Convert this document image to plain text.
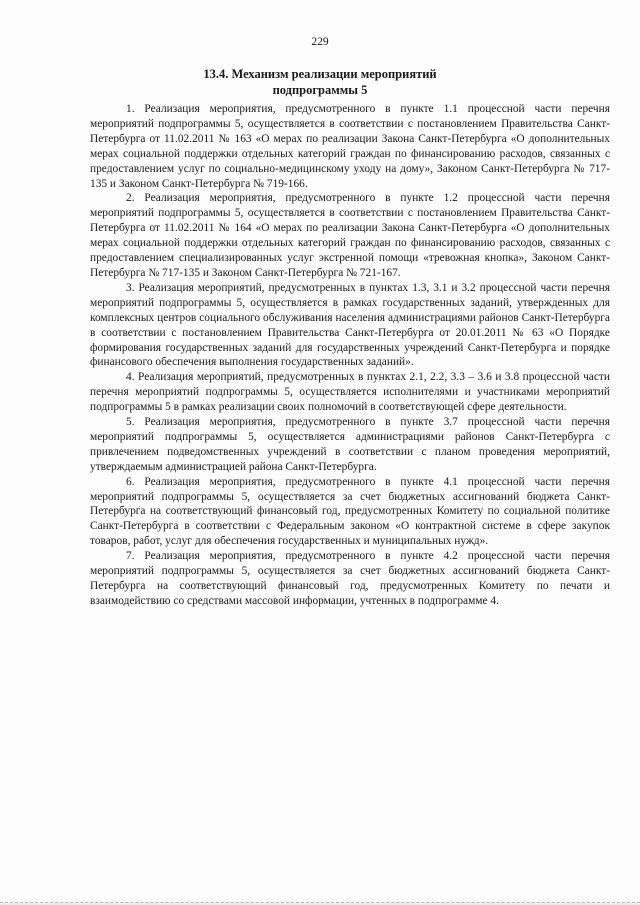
229
13.4. Механизм реализации мероприятий
подпрограммы 5

1. Реализация мероприятия, предусмотренного в пункте 1.1 процессной части перечня мероприятий подпрограммы 5, осуществляется в соответствии с постановлением Правительства Санкт-Петербурга от 11.02.2011 № 163 «О мерах по реализации Закона Санкт-Петербурга «О дополнительных мерах социальной поддержки отдельных категорий граждан по финансированию расходов, связанных с предоставлением услуг по социально-медицинскому уходу на дому», Законом Санкт-Петербурга № 717-135 и Законом Санкт-Петербурга № 719-166.

2. Реализация мероприятия, предусмотренного в пункте 1.2 процессной части перечня мероприятий подпрограммы 5, осуществляется в соответствии с постановлением Правительства Санкт-Петербурга от 11.02.2011 № 164 «О мерах по реализации Закона Санкт-Петербурга «О дополнительных мерах социальной поддержки отдельных категорий граждан по финансированию расходов, связанных с предоставлением специализированных услуг экстренной помощи «тревожная кнопка», Законом Санкт-Петербурга № 717-135 и Законом Санкт-Петербурга № 721-167.

3. Реализация мероприятий, предусмотренных в пунктах 1.3, 3.1 и 3.2 процессной части перечня мероприятий подпрограммы 5, осуществляется в рамках государственных заданий, утвержденных для комплексных центров социального обслуживания населения администрациями районов Санкт-Петербурга в соответствии с постановлением Правительства Санкт-Петербурга от 20.01.2011 № 63 «О Порядке формирования государственных заданий для государственных учреждений Санкт-Петербурга и порядке финансового обеспечения выполнения государственных заданий».

4. Реализация мероприятий, предусмотренных в пунктах 2.1, 2.2, 3.3 – 3.6 и 3.8 процессной части перечня мероприятий подпрограммы 5, осуществляется исполнителями и участниками мероприятий подпрограммы 5 в рамках реализации своих полномочий в соответствующей сфере деятельности.

5. Реализация мероприятия, предусмотренного в пункте 3.7 процессной части перечня мероприятий подпрограммы 5, осуществляется администрациями районов Санкт-Петербурга с привлечением подведомственных учреждений в соответствии с планом проведения мероприятий, утверждаемым администрацией района Санкт-Петербурга.

6. Реализация мероприятия, предусмотренного в пункте 4.1 процессной части перечня мероприятий подпрограммы 5, осуществляется за счет бюджетных ассигнований бюджета Санкт-Петербурга на соответствующий финансовый год, предусмотренных Комитету по социальной политике Санкт-Петербурга в соответствии с Федеральным законом «О контрактной системе в сфере закупок товаров, работ, услуг для обеспечения государственных и муниципальных нужд».

7. Реализация мероприятия, предусмотренного в пункте 4.2 процессной части перечня мероприятий подпрограммы 5, осуществляется за счет бюджетных ассигнований бюджета Санкт-Петербурга на соответствующий финансовый год, предусмотренных Комитету по печати и взаимодействию со средствами массовой информации, учтенных в подпрограмме 4.
